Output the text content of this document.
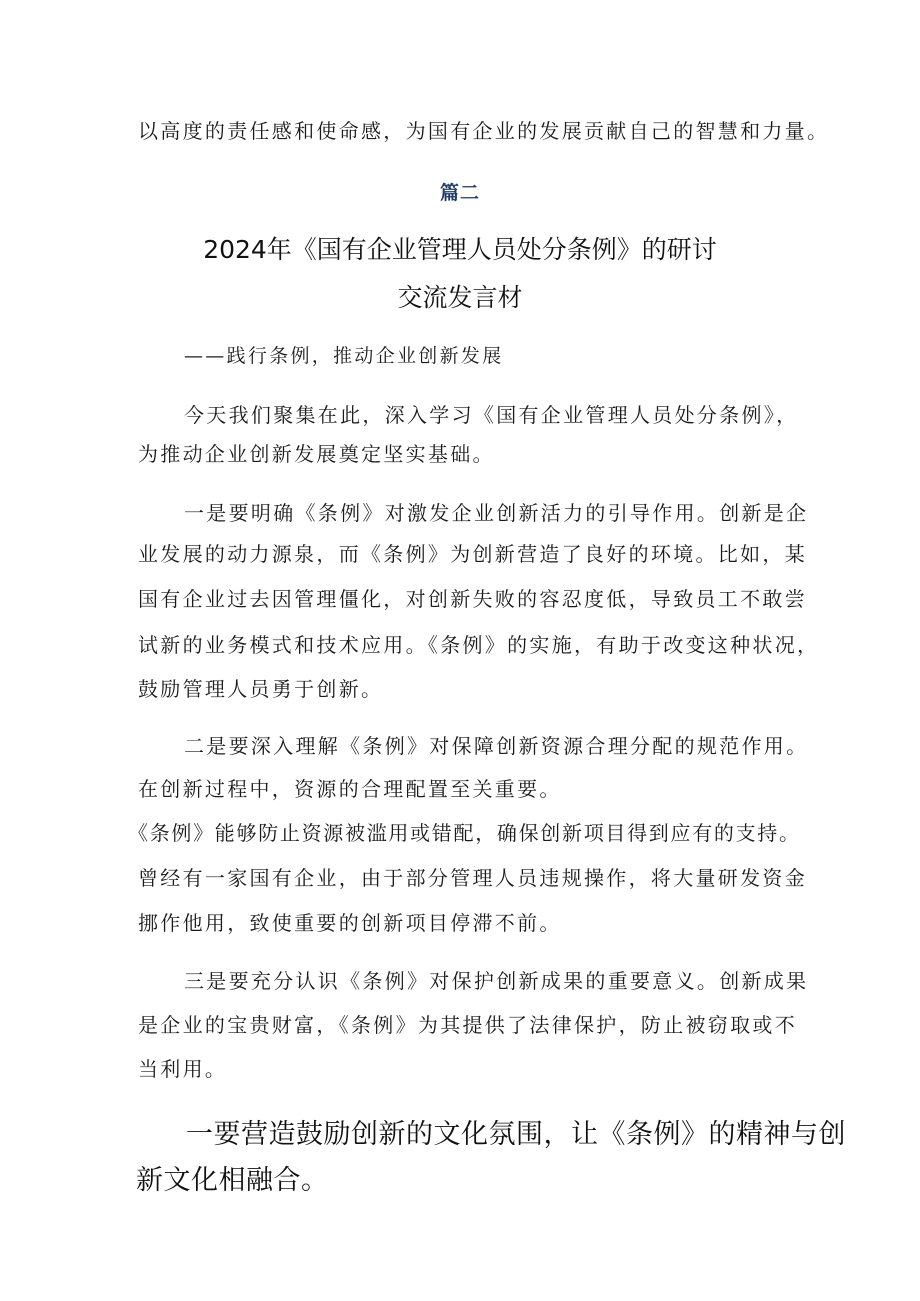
以高度的责任感和使命感，为国有企业的发展贡献自己的智慧和力量。
篇二
2024年《国有企业管理人员处分条例》的研讨
交流发言材
——践行条例，推动企业创新发展
今天我们聚集在此，深入学习《国有企业管理人员处分条例》，
为推动企业创新发展奠定坚实基础。
一是要明确《条例》对激发企业创新活力的引导作用。创新是企
业发展的动力源泉，而《条例》为创新营造了良好的环境。比如，某
国有企业过去因管理僵化，对创新失败的容忍度低，导致员工不敢尝
试新的业务模式和技术应用。《条例》的实施，有助于改变这种状况，
鼓励管理人员勇于创新。
二是要深入理解《条例》对保障创新资源合理分配的规范作用。
在创新过程中，资源的合理配置至关重要。
《条例》能够防止资源被滥用或错配，确保创新项目得到应有的支持。
曾经有一家国有企业，由于部分管理人员违规操作，将大量研发资金
挪作他用，致使重要的创新项目停滞不前。
三是要充分认识《条例》对保护创新成果的重要意义。创新成果
是企业的宝贵财富，《条例》为其提供了法律保护，防止被窃取或不
当利用。
一要营造鼓励创新的文化氛围，让《条例》的精神与创
新文化相融合。
